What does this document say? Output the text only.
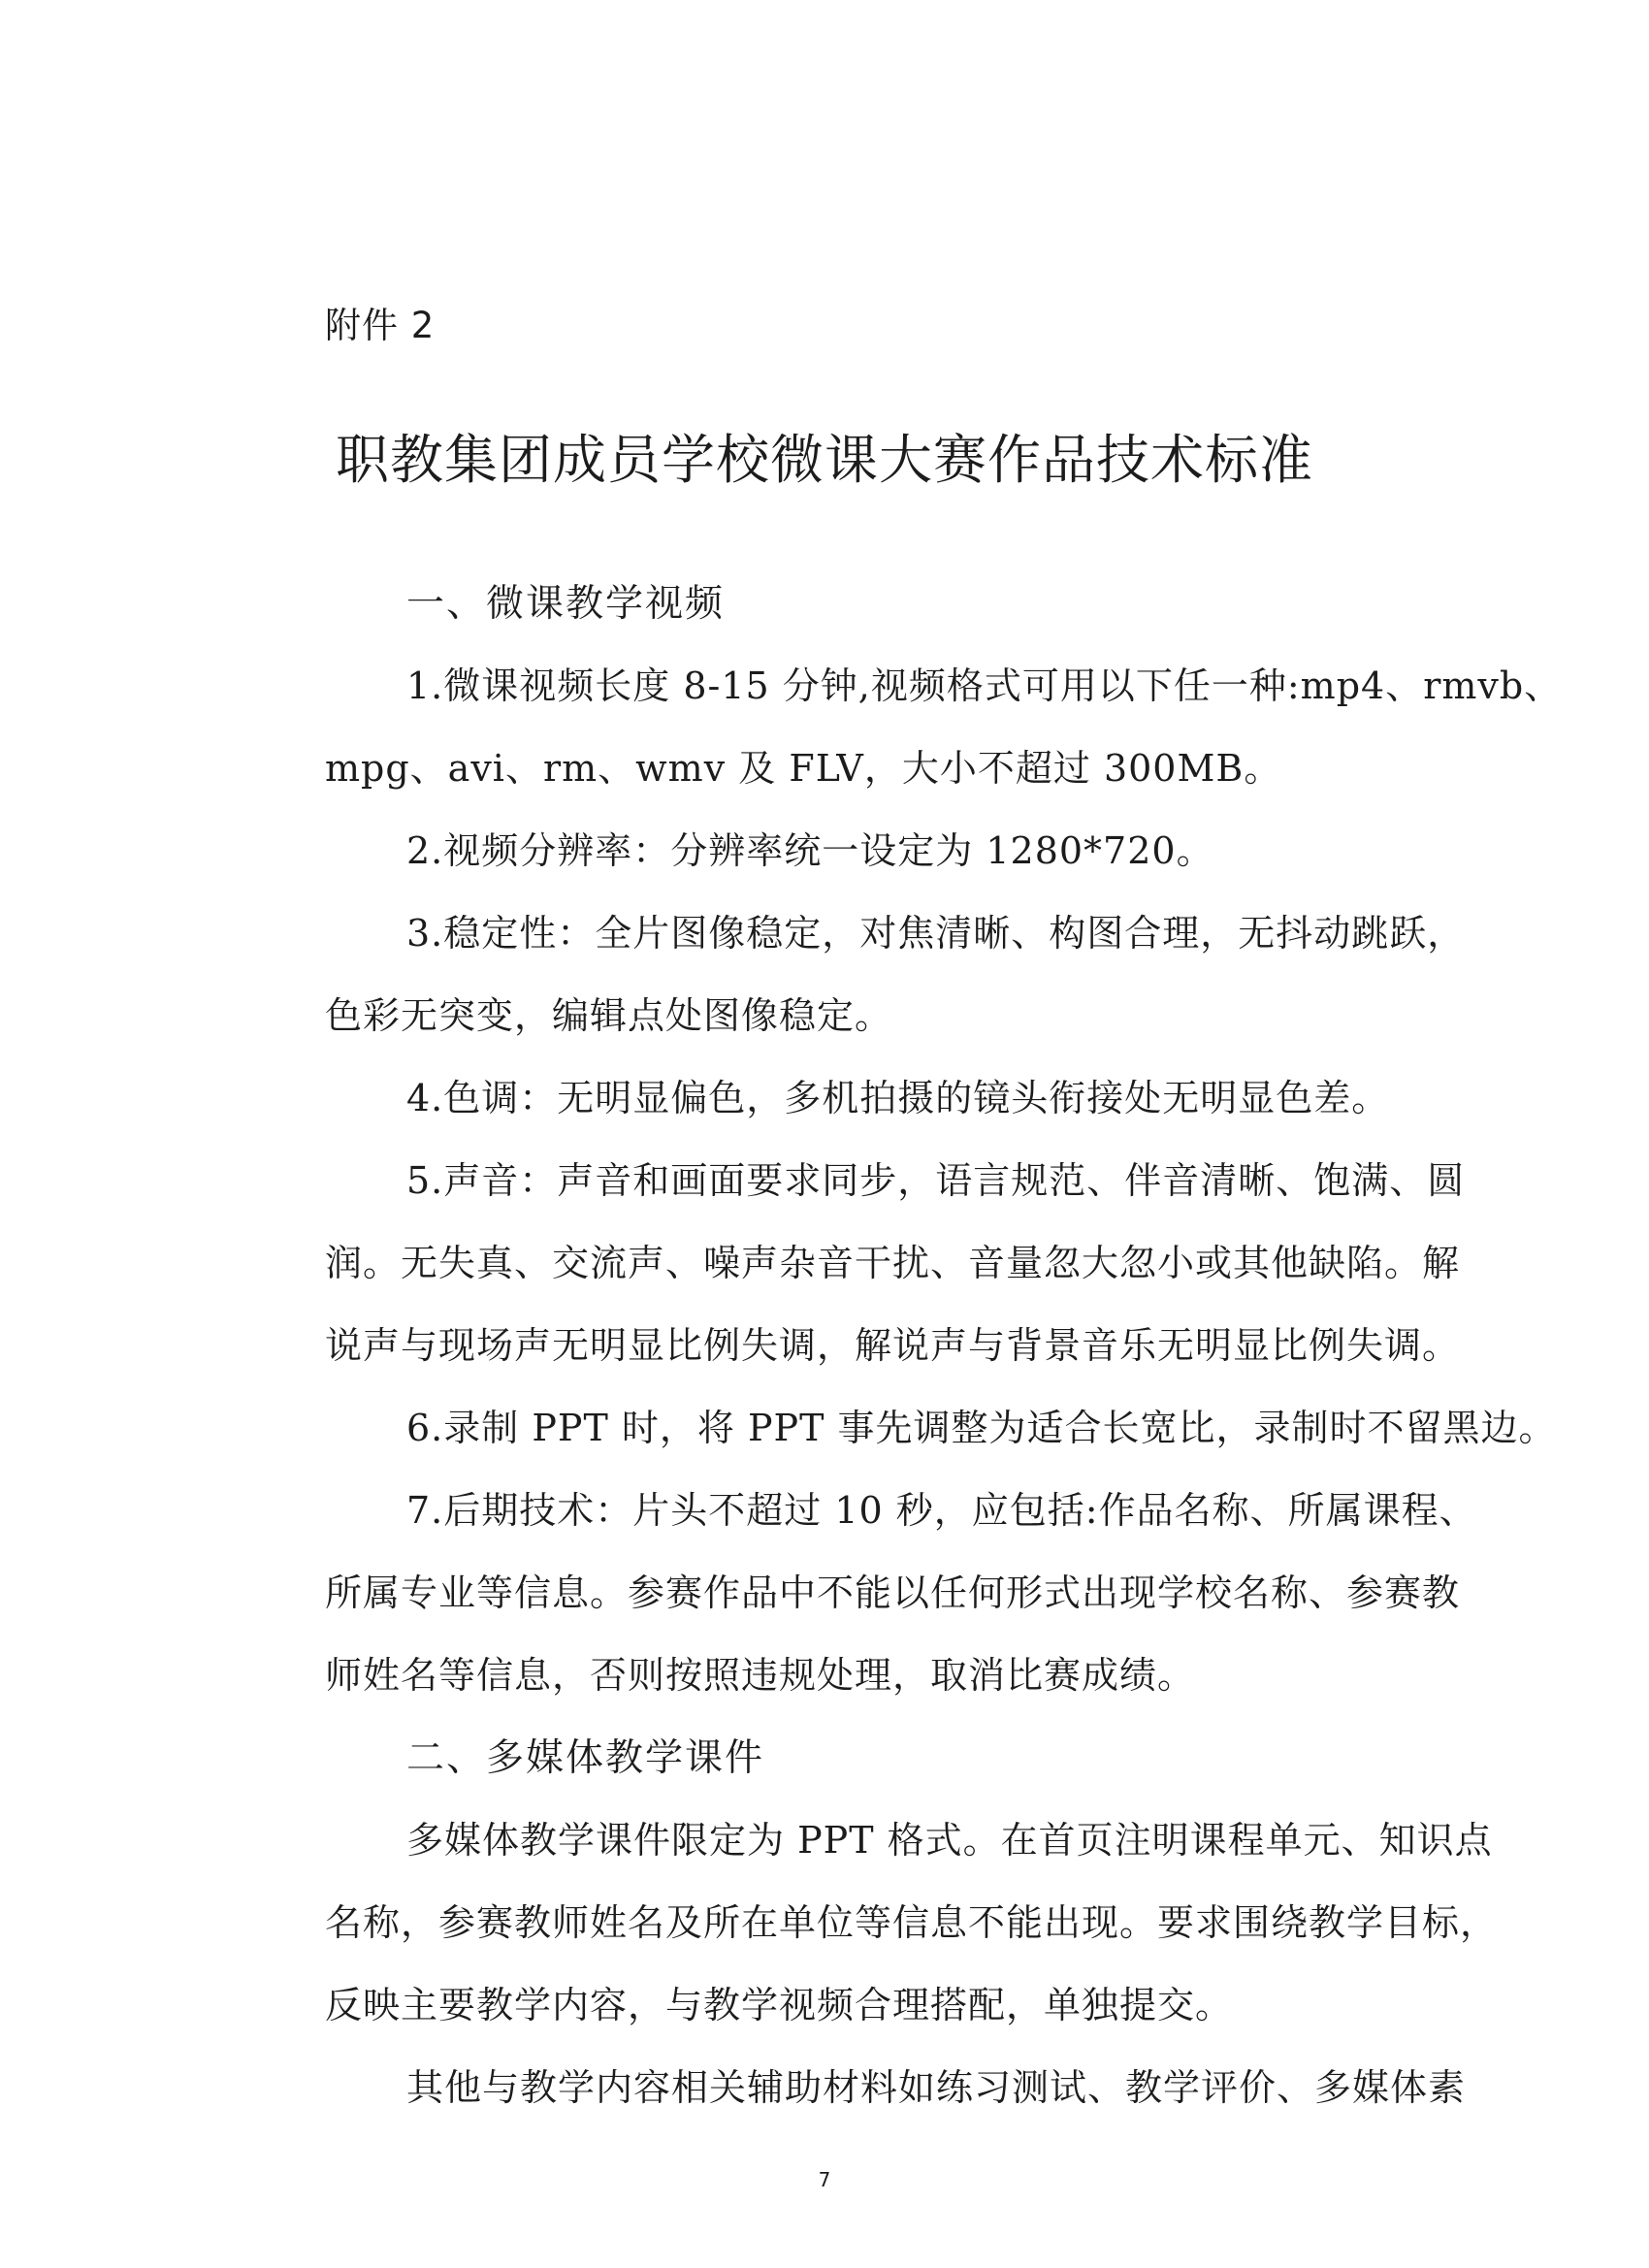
附件 2
职教集团成员学校微课大赛作品技术标准
一、微课教学视频
1.微课视频长度 8-15 分钟,视频格式可用以下任一种:mp4、rmvb、
mpg、avi、rm、wmv 及 FLV，大小不超过 300MB。
2.视频分辨率：分辨率统一设定为 1280*720。
3.稳定性：全片图像稳定，对焦清晰、构图合理，无抖动跳跃，
色彩无突变，编辑点处图像稳定。
4.色调：无明显偏色，多机拍摄的镜头衔接处无明显色差。
5.声音：声音和画面要求同步，语言规范、伴音清晰、饱满、圆
润。无失真、交流声、噪声杂音干扰、音量忽大忽小或其他缺陷。解
说声与现场声无明显比例失调，解说声与背景音乐无明显比例失调。
6.录制 PPT 时，将 PPT 事先调整为适合长宽比，录制时不留黑边。
7.后期技术：片头不超过 10 秒，应包括:作品名称、所属课程、
所属专业等信息。参赛作品中不能以任何形式出现学校名称、参赛教
师姓名等信息，否则按照违规处理，取消比赛成绩。
二、多媒体教学课件
多媒体教学课件限定为 PPT 格式。在首页注明课程单元、知识点
名称，参赛教师姓名及所在单位等信息不能出现。要求围绕教学目标，
反映主要教学内容，与教学视频合理搭配，单独提交。
其他与教学内容相关辅助材料如练习测试、教学评价、多媒体素
7
